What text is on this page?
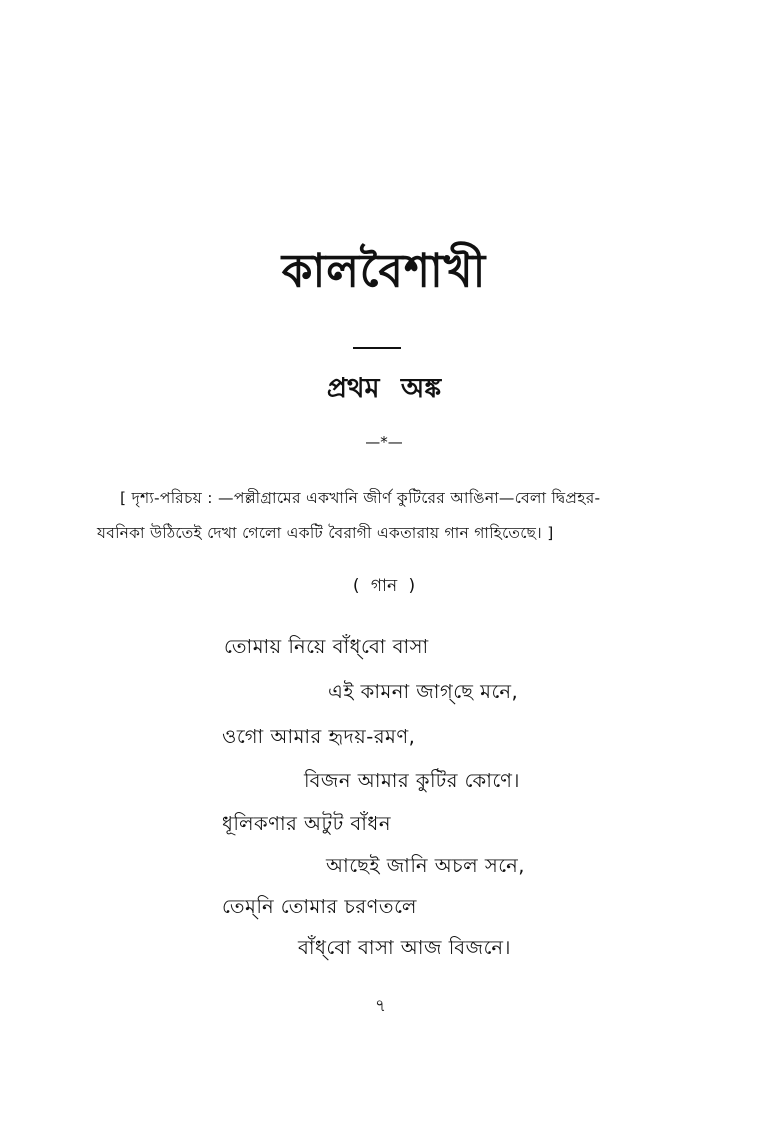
কালবৈশাখী
প্রথম অঙ্ক
—*—
[ দৃশ্য-পরিচয় : —পল্লীগ্রামের একখানি জীর্ণ কুটিরের আঙিনা—বেলা দ্বিপ্রহর-
যবনিকা উঠিতেই দেখা গেলো একটি বৈরাগী একতারায় গান গাহিতেছে। ]
( গান )
তোমায় নিয়ে বাঁধ্‌বো বাসা
এই কামনা জাগ্‌ছে মনে,
ওগো আমার হৃদয়-রমণ,
বিজন আমার কুটির কোণে।
ধূলিকণার অটুট বাঁধন
আছেই জানি অচল সনে,
তেম্‌নি তোমার চরণতলে
বাঁধ্‌বো বাসা আজ বিজনে।
৭
